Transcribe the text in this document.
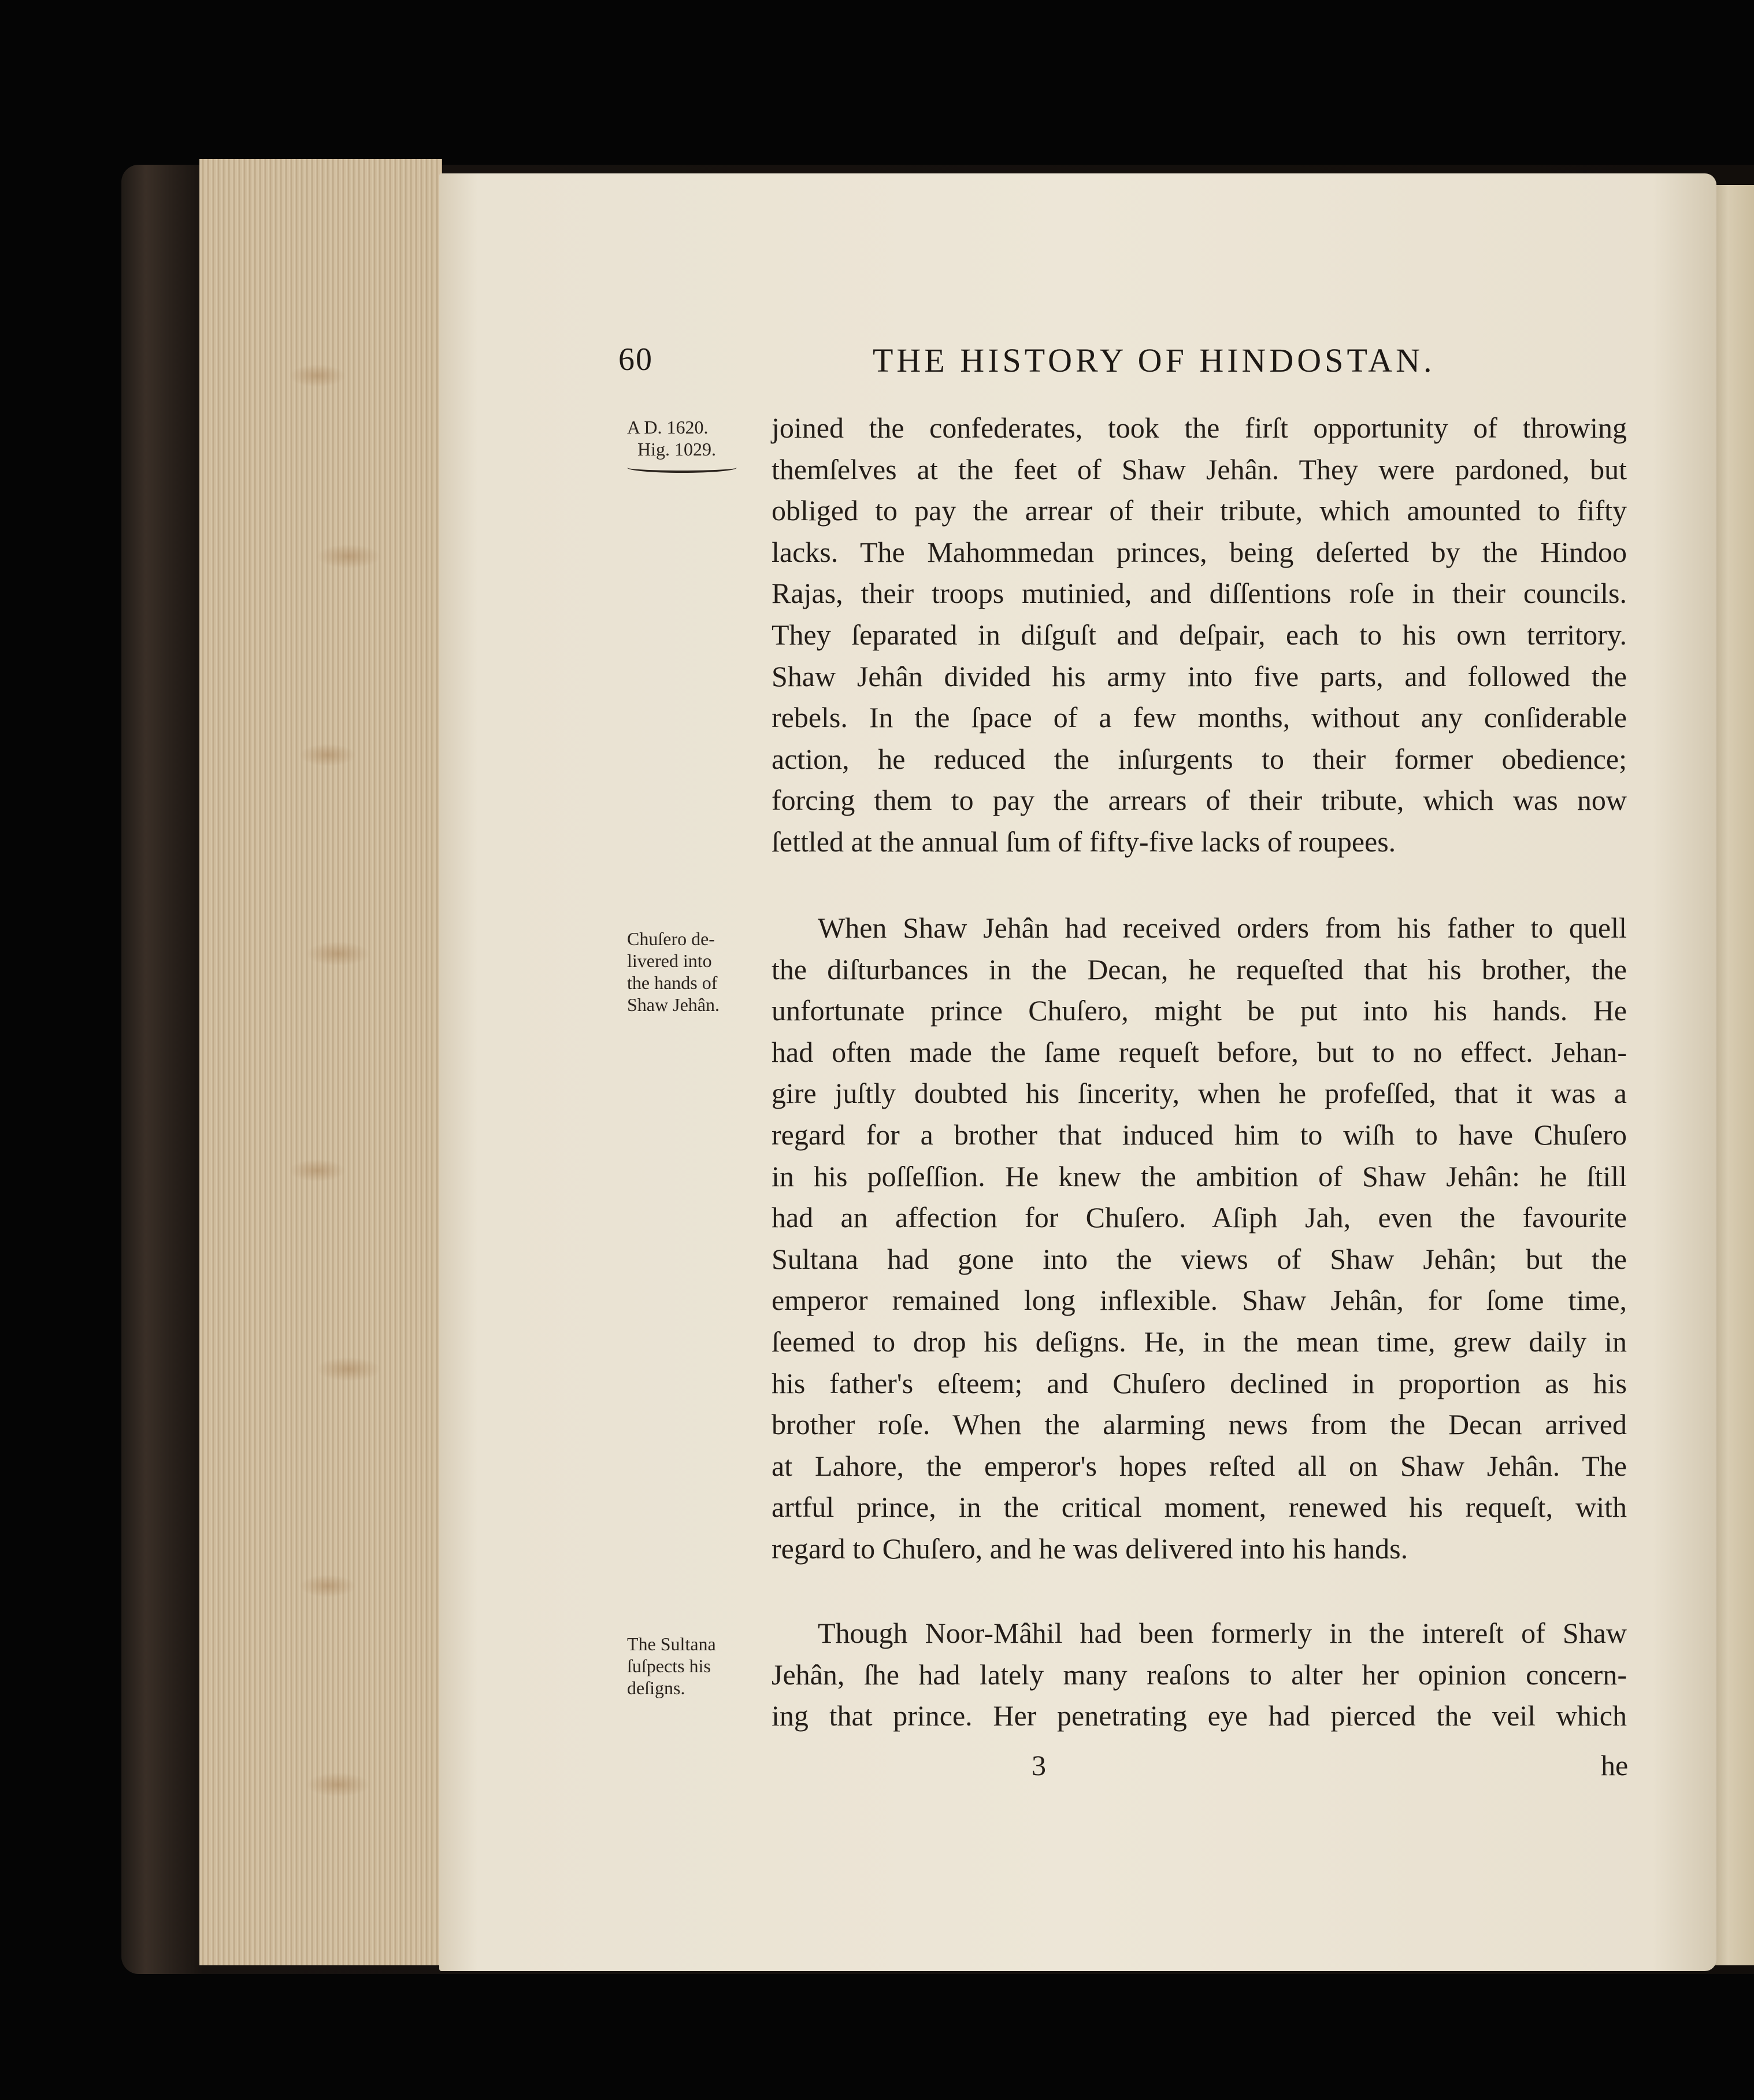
60	THE HISTORY OF HINDOSTAN.
A D. 1620.
Hig. 1029.
Chuſero de-
livered into
the hands of
Shaw Jehân.
The Sultana
ſuſpects his
deſigns.
joined the confederates, took the firſt opportunity of throwing
themſelves at the feet of Shaw Jehân. They were pardoned, but
obliged to pay the arrear of their tribute, which amounted to fifty
lacks. The Mahommedan princes, being deſerted by the Hindoo
Rajas, their troops mutinied, and diſſentions roſe in their councils.
They ſeparated in diſguſt and deſpair, each to his own territory.
Shaw Jehân divided his army into five parts, and followed the
rebels. In the ſpace of a few months, without any conſiderable
action, he reduced the inſurgents to their former obedience;
forcing them to pay the arrears of their tribute, which was now
ſettled at the annual ſum of fifty-five lacks of roupees.
When Shaw Jehân had received orders from his father to quell
the diſturbances in the Decan, he requeſted that his brother, the
unfortunate prince Chuſero, might be put into his hands. He
had often made the ſame requeſt before, but to no effect. Jehan-
gire juſtly doubted his ſincerity, when he profeſſed, that it was a
regard for a brother that induced him to wiſh to have Chuſero
in his poſſeſſion. He knew the ambition of Shaw Jehân: he ſtill
had an affection for Chuſero. Aſiph Jah, even the favourite
Sultana had gone into the views of Shaw Jehân; but the
emperor remained long inflexible. Shaw Jehân, for ſome time,
ſeemed to drop his deſigns. He, in the mean time, grew daily in
his father's eſteem; and Chuſero declined in proportion as his
brother roſe. When the alarming news from the Decan arrived
at Lahore, the emperor's hopes reſted all on Shaw Jehân. The
artful prince, in the critical moment, renewed his requeſt, with
regard to Chuſero, and he was delivered into his hands.
Though Noor-Mâhil had been formerly in the intereſt of Shaw
Jehân, ſhe had lately many reaſons to alter her opinion concern-
ing that prince. Her penetrating eye had pierced the veil which
3	he
